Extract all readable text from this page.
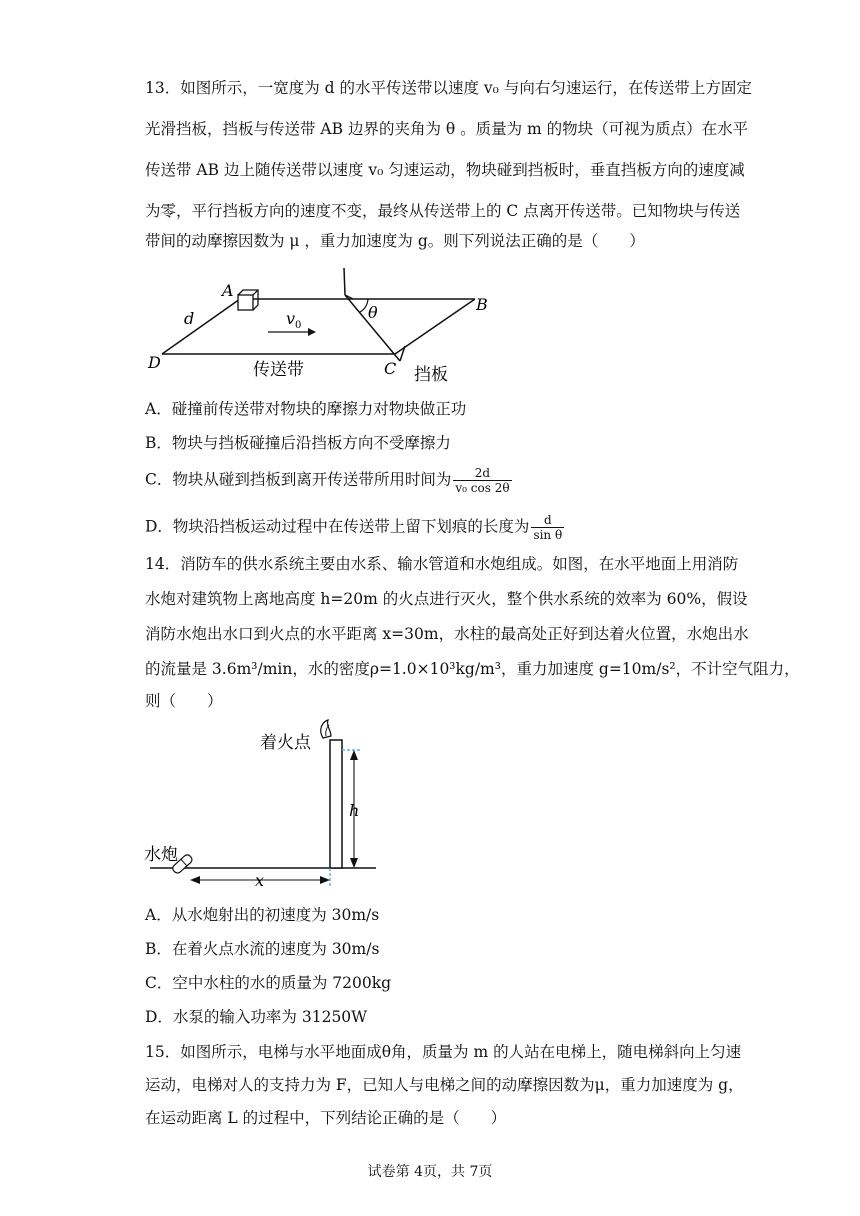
13．如图所示，一宽度为 d 的水平传送带以速度 v₀ 与向右匀速运行，在传送带上方固定
光滑挡板，挡板与传送带 AB 边界的夹角为 θ 。质量为 m 的物块（可视为质点）在水平
传送带 AB 边上随传送带以速度 v₀ 匀速运动，物块碰到挡板时，垂直挡板方向的速度减
为零，平行挡板方向的速度不变，最终从传送带上的 C 点离开传送带。已知物块与传送
带间的动摩擦因数为 μ ，重力加速度为 g。则下列说法正确的是（　　）
A
B
C
D
d	v 0
θ
传送带	挡板
A．碰撞前传送带对物块的摩擦力对物块做正功
B．物块与挡板碰撞后沿挡板方向不受摩擦力
C．物块从碰到挡板到离开传送带所用时间为 $\frac{2d}{\text{v₀ cos 2θ}}$
D．物块沿挡板运动过程中在传送带上留下划痕的长度为 $\frac{d}{\text{sin θ}}$
14．消防车的供水系统主要由水系、输水管道和水炮组成。如图，在水平地面上用消防
水炮对建筑物上离地高度 h=20m 的火点进行灭火，整个供水系统的效率为 60%，假设
消防水炮出水口到火点的水平距离 x=30m，水柱的最高处正好到达着火位置，水炮出水
的流量是 3.6m³/min，水的密度ρ=1.0×10³kg/m³，重力加速度 g=10m/s²，不计空气阻力，
则（　　）
着火点
水炮
h
x
A．从水炮射出的初速度为 30m/s
B．在着火点水流的速度为 30m/s
C．空中水柱的水的质量为 7200kg
D．水泵的输入功率为 31250W
15．如图所示，电梯与水平地面成θ角，质量为 m 的人站在电梯上，随电梯斜向上匀速
运动，电梯对人的支持力为 F，已知人与电梯之间的动摩擦因数为μ，重力加速度为 g，
在运动距离 L 的过程中，下列结论正确的是（　　）
试卷第 4页，共 7页
